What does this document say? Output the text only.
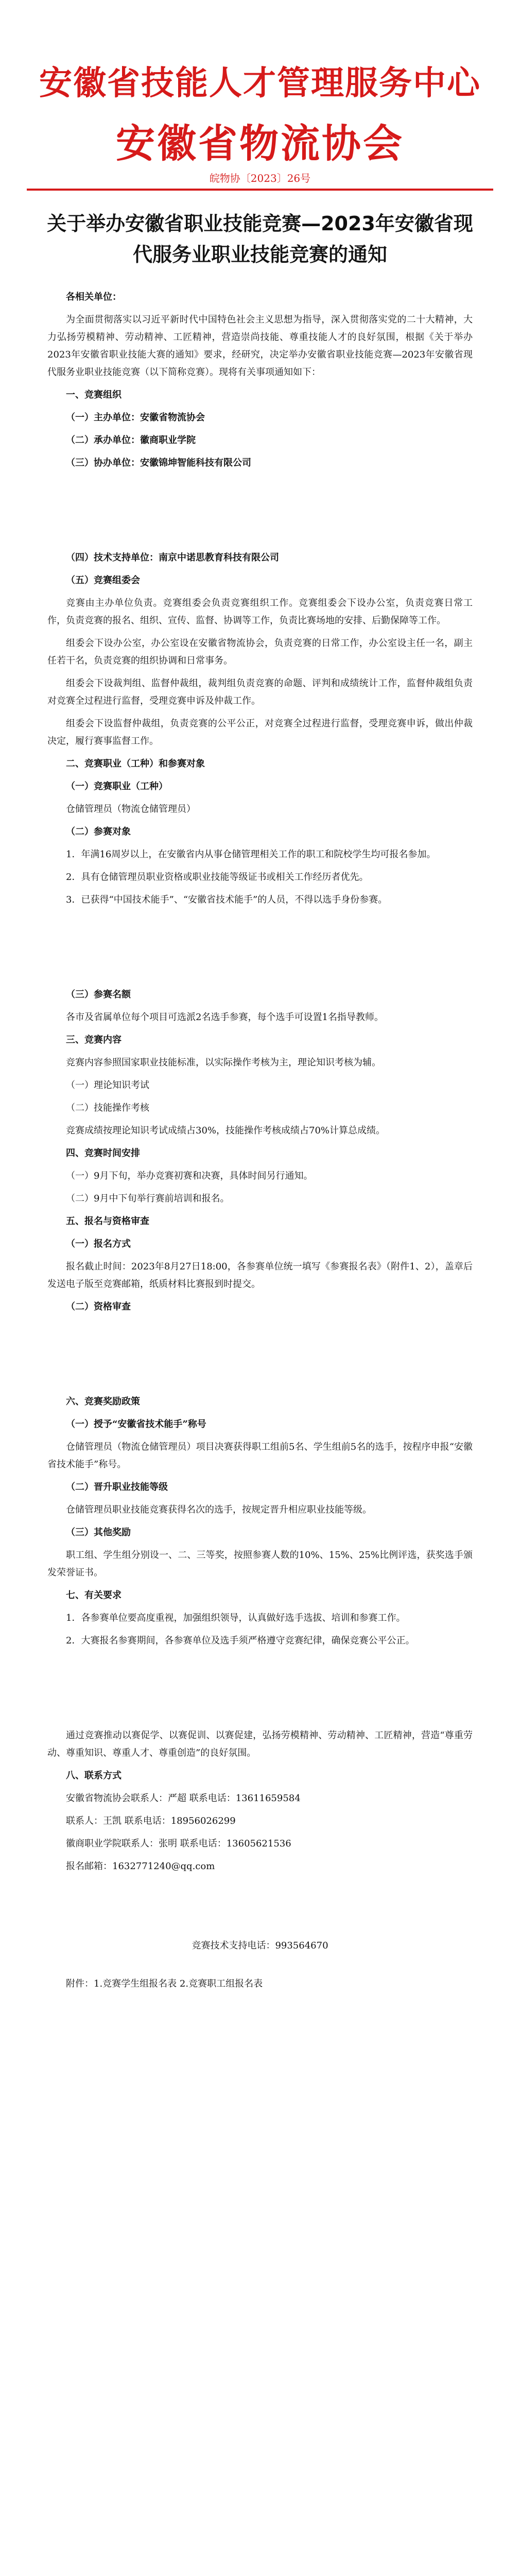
安徽省技能人才管理服务中心
安徽省物流协会
皖物协〔2023〕26号
关于举办安徽省职业技能竞赛—2023年安徽省现代服务业职业技能竞赛的通知

各相关单位：

为全面贯彻落实以习近平新时代中国特色社会主义思想为指导，深入贯彻落实党的二十大精神，大力弘扬劳模精神、劳动精神、工匠精神，营造崇尚技能、尊重技能人才的良好氛围，根据《关于举办2023年安徽省职业技能大赛的通知》要求，经研究，决定举办安徽省职业技能竞赛—2023年安徽省现代服务业职业技能竞赛（以下简称竞赛）。现将有关事项通知如下：

一、竞赛组织

（一）主办单位：安徽省物流协会

（二）承办单位：徽商职业学院

（三）协办单位：安徽锦坤智能科技有限公司

（四）技术支持单位：南京中诺思教育科技有限公司

（五）竞赛组委会

竞赛由主办单位负责。竞赛组委会负责竞赛组织工作。竞赛组委会下设办公室，负责竞赛日常工作，负责竞赛的报名、组织、宣传、监督、协调等工作，负责比赛场地的安排、后勤保障等工作。

组委会下设办公室，办公室设在安徽省物流协会，负责竞赛的日常工作，办公室设主任一名，副主任若干名，负责竞赛的组织协调和日常事务。

组委会下设裁判组、监督仲裁组，裁判组负责竞赛的命题、评判和成绩统计工作，监督仲裁组负责对竞赛全过程进行监督，受理竞赛申诉及仲裁工作。

组委会下设监督仲裁组，负责竞赛的公平公正，对竞赛全过程进行监督，受理竞赛申诉，做出仲裁决定，履行赛事监督工作。

二、竞赛职业（工种）和参赛对象

（一）竞赛职业（工种）

仓储管理员（物流仓储管理员）

（二）参赛对象

1．年满16周岁以上，在安徽省内从事仓储管理相关工作的职工和院校学生均可报名参加。

2．具有仓储管理员职业资格或职业技能等级证书或相关工作经历者优先。

3．已获得“中国技术能手”、“安徽省技术能手”的人员，不得以选手身份参赛。

（三）参赛名额

各市及省属单位每个项目可选派2名选手参赛，每个选手可设置1名指导教师。

三、竞赛内容

竞赛内容参照国家职业技能标准，以实际操作考核为主，理论知识考核为辅。

（一）理论知识考试

（二）技能操作考核

竞赛成绩按理论知识考试成绩占30%，技能操作考核成绩占70%计算总成绩。

四、竞赛时间安排

（一）9月下旬，举办竞赛初赛和决赛，具体时间另行通知。

（二）9月中下旬举行赛前培训和报名。

五、报名与资格审查

（一）报名方式

报名截止时间：2023年8月27日18:00，各参赛单位统一填写《参赛报名表》（附件1、2），盖章后发送电子版至竞赛邮箱，纸质材料比赛报到时提交。

（二）资格审查

六、竞赛奖励政策

（一）授予“安徽省技术能手”称号

仓储管理员（物流仓储管理员）项目决赛获得职工组前5名、学生组前5名的选手，按程序申报“安徽省技术能手”称号。

（二）晋升职业技能等级

仓储管理员职业技能竞赛获得名次的选手，按规定晋升相应职业技能等级。

（三）其他奖励

职工组、学生组分别设一、二、三等奖，按照参赛人数的10%、15%、25%比例评选，获奖选手颁发荣誉证书。

七、有关要求

1．各参赛单位要高度重视，加强组织领导，认真做好选手选拔、培训和参赛工作。

2．大赛报名参赛期间，各参赛单位及选手须严格遵守竞赛纪律，确保竞赛公平公正。

通过竞赛推动以赛促学、以赛促训、以赛促建，弘扬劳模精神、劳动精神、工匠精神，营造“尊重劳动、尊重知识、尊重人才、尊重创造”的良好氛围。

八、联系方式

安徽省物流协会联系人：严超 联系电话：13611659584

联系人：王凯 联系电话：18956026299

徽商职业学院联系人：张明 联系电话：13605621536

报名邮箱：1632771240@qq.com

竞赛技术支持电话：993564670

附件：1.竞赛学生组报名表 2.竞赛职工组报名表
